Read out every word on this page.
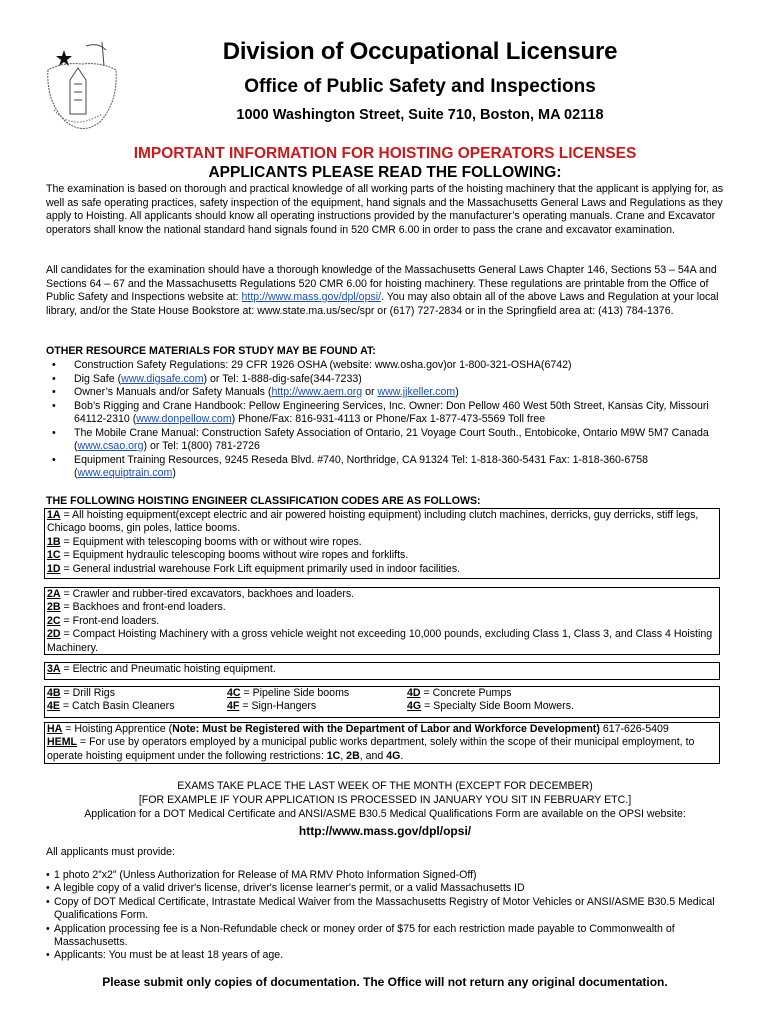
Division of Occupational Licensure
Office of Public Safety and Inspections

1000 Washington Street, Suite 710, Boston, MA 02118

IMPORTANT INFORMATION FOR HOISTING OPERATORS LICENSES

APPLICANTS PLEASE READ THE FOLLOWING:

The examination is based on thorough and practical knowledge of all working parts of the hoisting machinery that the applicant is applying for, as well as safe operating practices, safety inspection of the equipment, hand signals and the Massachusetts General Laws and Regulations as they apply to Hoisting. All applicants should know all operating instructions provided by the manufacturer’s operating manuals. Crane and Excavator operators shall know the national standard hand signals found in 520 CMR 6.00 in order to pass the crane and excavator examination.

All candidates for the examination should have a thorough knowledge of the Massachusetts General Laws Chapter 146, Sections 53 – 54A and Sections 64 – 67 and the Massachusetts Regulations 520 CMR 6.00 for hoisting machinery. These regulations are printable from the Office of Public Safety and Inspections website at: http://www.mass.gov/dpl/opsi/. You may also obtain all of the above Laws and Regulation at your local library, and/or the State House Bookstore at: www.state.ma.us/sec/spr or (617) 727-2834 or in the Springfield area at: (413) 784-1376.

OTHER RESOURCE MATERIALS FOR STUDY MAY BE FOUND AT:

• Construction Safety Regulations: 29 CFR 1926 OSHA (website: www.osha.gov)or 1-800-321-OSHA(6742)
• Dig Safe (www.digsafe.com) or Tel: 1-888-dig-safe(344-7233)
• Owner’s Manuals and/or Safety Manuals (http://www.aem.org or www.jjkeller.com)
• Bob’s Rigging and Crane Handbook: Pellow Engineering Services, Inc. Owner: Don Pellow 460 West 50th Street, Kansas City, Missouri 64112-2310 (www.donpellow.com) Phone/Fax: 816-931-4113 or Phone/Fax 1-877-473-5569 Toll free
• The Mobile Crane Manual: Construction Safety Association of Ontario, 21 Voyage Court South., Entobicoke, Ontario M9W 5M7 Canada (www.csao.org) or Tel: 1(800) 781-2726
• Equipment Training Resources, 9245 Reseda Blvd. #740, Northridge, CA 91324 Tel: 1-818-360-5431 Fax: 1-818-360-6758 (www.equiptrain.com)

THE FOLLOWING HOISTING ENGINEER CLASSIFICATION CODES ARE AS FOLLOWS:

1A = All hoisting equipment(except electric and air powered hoisting equipment) including clutch machines, derricks, guy derricks, stiff legs, Chicago booms, gin poles, lattice booms.

1B = Equipment with telescoping booms with or without wire ropes.

1C = Equipment hydraulic telescoping booms without wire ropes and forklifts.

1D = General industrial warehouse Fork Lift equipment primarily used in indoor facilities.

2A = Crawler and rubber-tired excavators, backhoes and loaders.

2B = Backhoes and front-end loaders.

2C = Front-end loaders.

2D = Compact Hoisting Machinery with a gross vehicle weight not exceeding 10,000 pounds, excluding Class 1, Class 3, and Class 4 Hoisting Machinery.

3A = Electric and Pneumatic hoisting equipment.

4B = Drill Rigs

4E = Catch Basin Cleaners

4C = Pipeline Side booms

4F = Sign-Hangers

4D = Concrete Pumps

4G = Specialty Side Boom Mowers.

HA = Hoisting Apprentice (Note: Must be Registered with the Department of Labor and Workforce Development) 617-626-5409

HEML = For use by operators employed by a municipal public works department, solely within the scope of their municipal employment, to operate hoisting equipment under the following restrictions: 1C, 2B, and 4G.

EXAMS TAKE PLACE THE LAST WEEK OF THE MONTH (EXCEPT FOR DECEMBER)

[FOR EXAMPLE IF YOUR APPLICATION IS PROCESSED IN JANUARY YOU SIT IN FEBRUARY ETC.]

Application for a DOT Medical Certificate and ANSI/ASME B30.5 Medical Qualifications Form are available on the OPSI website:

http://www.mass.gov/dpl/opsi/

All applicants must provide:

• 1 photo 2”x2” (Unless Authorization for Release of MA RMV Photo Information Signed-Off)
• A legible copy of a valid driver's license, driver's license learner's permit, or a valid Massachusetts ID
• Copy of DOT Medical Certificate, Intrastate Medical Waiver from the Massachusetts Registry of Motor Vehicles or ANSI/ASME B30.5 Medical Qualifications Form.
• Application processing fee is a Non-Refundable check or money order of $75 for each restriction made payable to Commonwealth of Massachusetts.
• Applicants: You must be at least 18 years of age.

Please submit only copies of documentation. The Office will not return any original documentation.
